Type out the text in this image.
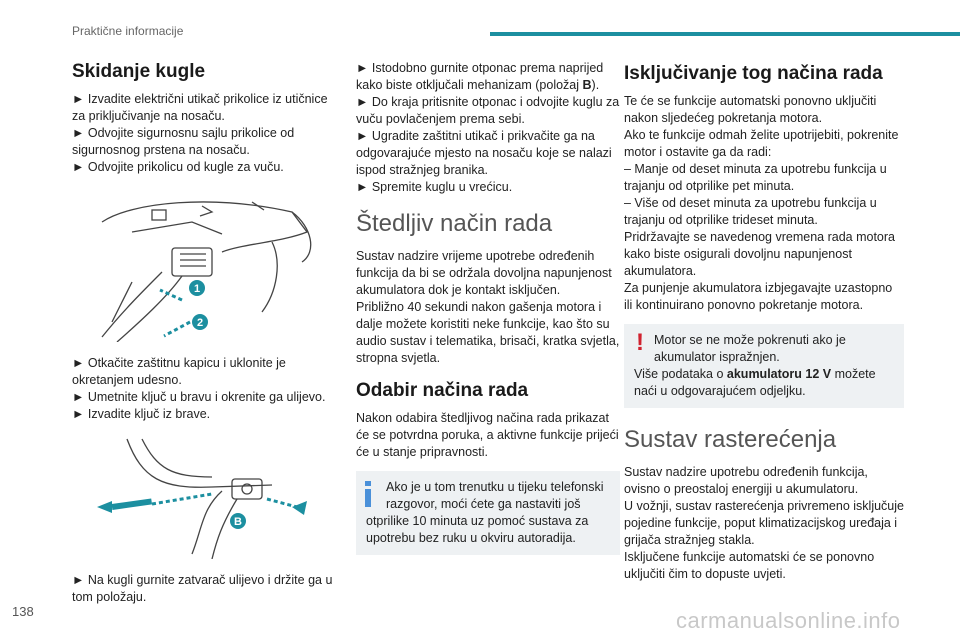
Praktične informacije
Skidanje kugle

► Izvadite električni utikač prikolice iz utičnice za priključivanje na nosaču.

► Odvojite sigurnosnu sajlu prikolice od sigurnosnog prstena na nosaču.

► Odvojite prikolicu od kugle za vuču.

1
2

► Otkačite zaštitnu kapicu i uklonite je okretanjem udesno.

► Umetnite ključ u bravu i okrenite ga ulijevo.

► Izvadite ključ iz brave.

B

► Na kugli gurnite zatvarač ulijevo i držite ga u tom položaju.

► Istodobno gurnite otponac prema naprijed kako biste otključali mehanizam (položaj B).

► Do kraja pritisnite otponac i odvojite kuglu za vuču povlačenjem prema sebi.

► Ugradite zaštitni utikač i prikvačite ga na odgovarajuće mjesto na nosaču koje se nalazi ispod stražnjeg branika.

► Spremite kuglu u vrećicu.

Štedljiv način rada

Sustav nadzire vrijeme upotrebe određenih funkcija da bi se održala dovoljna napunjenost akumulatora dok je kontakt isključen.

Približno 40 sekundi nakon gašenja motora i dalje možete koristiti neke funkcije, kao što su audio sustav i telematika, brisači, kratka svjetla, stropna svjetla.

Odabir načina rada

Nakon odabira štedljivog načina rada prikazat će se potvrdna poruka, a aktivne funkcije prijeći će u stanje pripravnosti.

Ako je u tom trenutku u tijeku telefonski razgovor, moći ćete ga nastaviti još

otprilike 10 minuta uz pomoć sustava za upotrebu bez ruku u okviru autoradija.

Isključivanje tog načina rada

Te će se funkcije automatski ponovno uključiti nakon sljedećeg pokretanja motora.

Ako te funkcije odmah želite upotrijebiti, pokrenite motor i ostavite ga da radi:

– Manje od deset minuta za upotrebu funkcija u trajanju od otprilike pet minuta.

– Više od deset minuta za upotrebu funkcija u trajanju od otprilike trideset minuta.

Pridržavajte se navedenog vremena rada motora kako biste osigurali dovoljnu napunjenost akumulatora.

Za punjenje akumulatora izbjegavajte uzastopno ili kontinuirano ponovno pokretanje motora.

! Motor se ne može pokrenuti ako je akumulator ispražnjen.

Više podataka o akumulatoru 12 V možete naći u odgovarajućem odjeljku.

Sustav rasterećenja

Sustav nadzire upotrebu određenih funkcija, ovisno o preostaloj energiji u akumulatoru.

U vožnji, sustav rasterećenja privremeno isključuje pojedine funkcije, poput klimatizacijskog uređaja i grijača stražnjeg stakla.

Isključene funkcije automatski će se ponovno uključiti čim to dopuste uvjeti.

138	carmanualsonline.info
